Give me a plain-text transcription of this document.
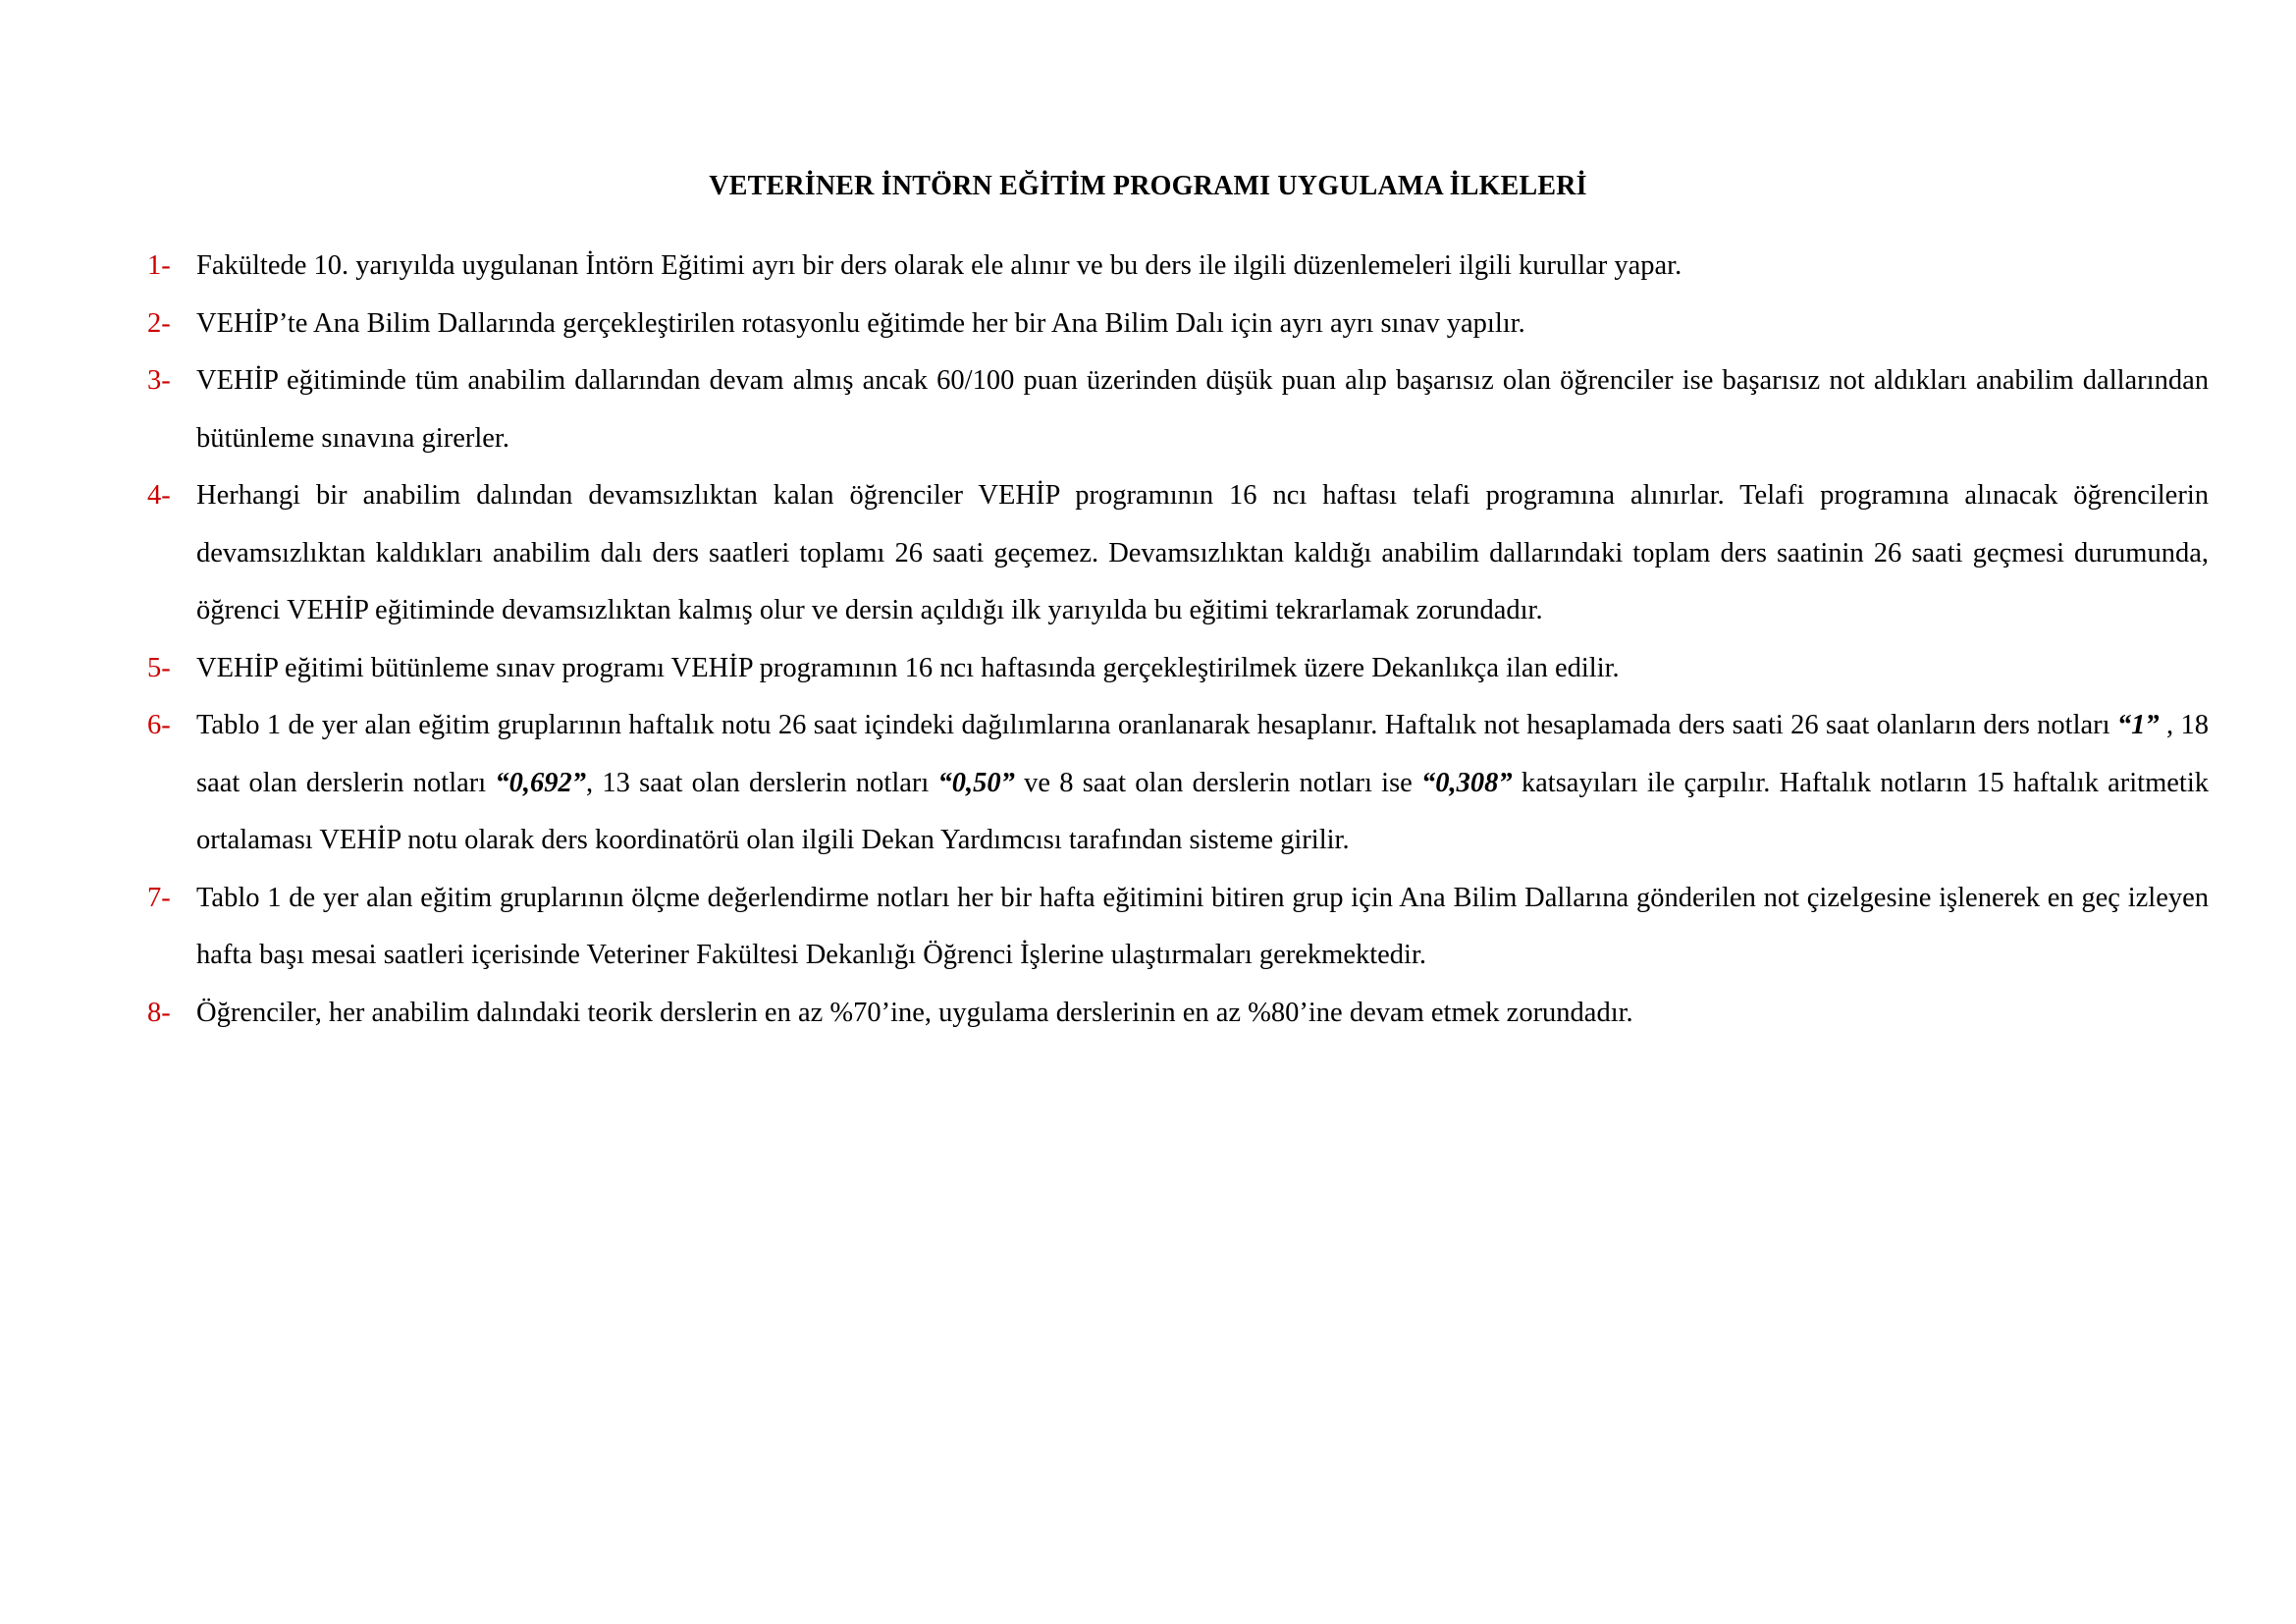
VETERİNER İNTÖRN EĞİTİM PROGRAMI UYGULAMA İLKELERİ
1- Fakültede 10. yarıyılda uygulanan İntörn Eğitimi ayrı bir ders olarak ele alınır ve bu ders ile ilgili düzenlemeleri ilgili kurullar yapar.
2- VEHİP’te Ana Bilim Dallarında gerçekleştirilen rotasyonlu eğitimde her bir Ana Bilim Dalı için ayrı ayrı sınav yapılır.
3- VEHİP eğitiminde tüm anabilim dallarından devam almış ancak 60/100 puan üzerinden düşük puan alıp başarısız olan öğrenciler ise başarısız not aldıkları anabilim dallarından bütünleme sınavına girerler.
4- Herhangi bir anabilim dalından devamsızlıktan kalan öğrenciler VEHİP programının 16 ncı haftası telafi programına alınırlar. Telafi programına alınacak öğrencilerin devamsızlıktan kaldıkları anabilim dalı ders saatleri toplamı 26 saati geçemez. Devamsızlıktan kaldığı anabilim dallarındaki toplam ders saatinin 26 saati geçmesi durumunda, öğrenci VEHİP eğitiminde devamsızlıktan kalmış olur ve dersin açıldığı ilk yarıyılda bu eğitimi tekrarlamak zorundadır.
5- VEHİP eğitimi bütünleme sınav programı VEHİP programının 16 ncı haftasında gerçekleştirilmek üzere Dekanlıkça ilan edilir.
6- Tablo 1 de yer alan eğitim gruplarının haftalık notu 26 saat içindeki dağılımlarına oranlanarak hesaplanır. Haftalık not hesaplamada ders saati 26 saat olanların ders notları “1” , 18 saat olan derslerin notları “0,692”, 13 saat olan derslerin notları “0,50” ve 8 saat olan derslerin notları ise “0,308” katsayıları ile çarpılır. Haftalık notların 15 haftalık aritmetik ortalaması VEHİP notu olarak ders koordinatörü olan ilgili Dekan Yardımcısı tarafından sisteme girilir.
7- Tablo 1 de yer alan eğitim gruplarının ölçme değerlendirme notları her bir hafta eğitimini bitiren grup için Ana Bilim Dallarına gönderilen not çizelgesine işlenerek en geç izleyen hafta başı mesai saatleri içerisinde Veteriner Fakültesi Dekanlığı Öğrenci İşlerine ulaştırmaları gerekmektedir.
8- Öğrenciler, her anabilim dalındaki teorik derslerin en az %70’ine, uygulama derslerinin en az %80’ine devam etmek zorundadır.
